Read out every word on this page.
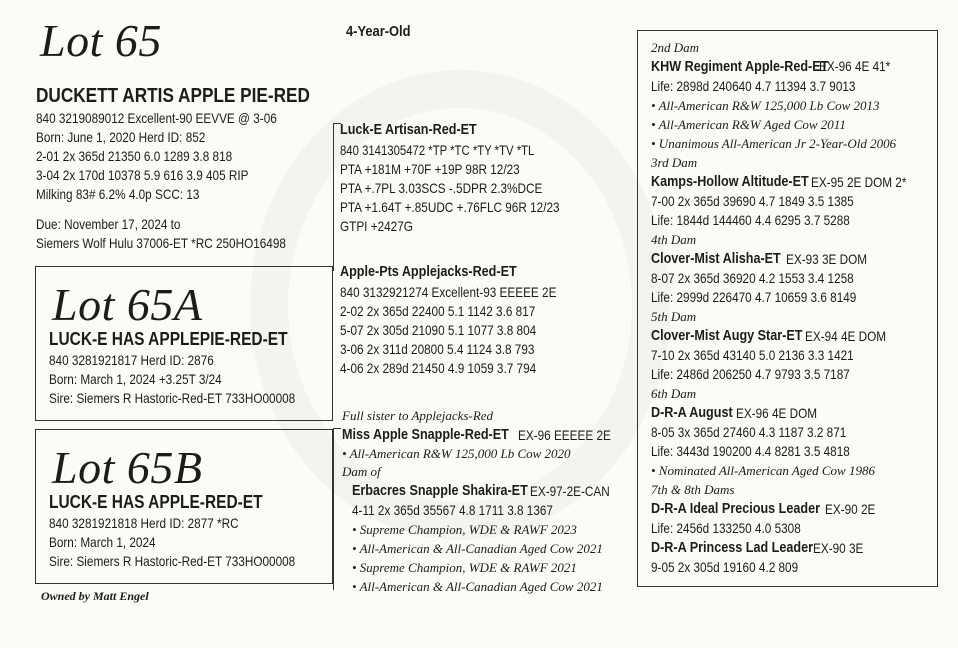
Lot 65
DUCKETT ARTIS APPLE PIE-RED
840 3219089012 Excellent-90 EEVVE @ 3-06
Born: June 1, 2020 Herd ID: 852
2-01 2x 365d 21350 6.0 1289 3.8 818
3-04 2x 170d 10378 5.9 616 3.9 405 RIP
Milking 83# 6.2% 4.0p SCC: 13
Due: November 17, 2024 to
Siemers Wolf Hulu 37006-ET *RC 250HO16498
4-Year-Old
Lot 65A
LUCK-E HAS APPLEPIE-RED-ET
840 3281921817 Herd ID: 2876
Born: March 1, 2024 +3.25T 3/24
Sire: Siemers R Hastoric-Red-ET 733HO00008
Lot 65B
LUCK-E HAS APPLE-RED-ET
840 3281921818 Herd ID: 2877 *RC
Born: March 1, 2024
Sire: Siemers R Hastoric-Red-ET 733HO00008
Owned by Matt Engel
Luck-E Artisan-Red-ET
840 3141305472 *TP *TC *TY *TV *TL
PTA +181M +70F +19P 98R 12/23
PTA +.7PL 3.03SCS -.5DPR 2.3%DCE
PTA +1.64T +.85UDC +.76FLC 96R 12/23
GTPI +2427G
Apple-Pts Applejacks-Red-ET
840 3132921274 Excellent-93 EEEEE 2E
2-02 2x 365d 22400 5.1 1142 3.6 817
5-07 2x 305d 21090 5.1 1077 3.8 804
3-06 2x 311d 20800 5.4 1124 3.8 793
4-06 2x 289d 21450 4.9 1059 3.7 794
Full sister to Applejacks-Red
Miss Apple Snapple-Red-ET EX-96 EEEEE 2E
• All-American R&W 125,000 Lb Cow 2020
Dam of
Erbacres Snapple Shakira-ET EX-97-2E-CAN
4-11 2x 365d 35567 4.8 1711 3.8 1367
• Supreme Champion, WDE & RAWF 2023
• All-American & All-Canadian Aged Cow 2021
• Supreme Champion, WDE & RAWF 2021
• All-American & All-Canadian Aged Cow 2021
2nd Dam
KHW Regiment Apple-Red-ET
EX-96 4E 41*
Life: 2898d 240640 4.7 11394 3.7 9013
• All-American R&W 125,000 Lb Cow 2013
• All-American R&W Aged Cow 2011
• Unanimous All-American Jr 2-Year-Old 2006
3rd Dam
Kamps-Hollow Altitude-ET EX-95 2E DOM 2*
7-00 2x 365d 39690 4.7 1849 3.5 1385
Life: 1844d 144460 4.4 6295 3.7 5288
4th Dam
Clover-Mist Alisha-ET EX-93 3E DOM
8-07 2x 365d 36920 4.2 1553 3.4 1258
Life: 2999d 226470 4.7 10659 3.6 8149
5th Dam
Clover-Mist Augy Star-ET EX-94 4E DOM
7-10 2x 365d 43140 5.0 2136 3.3 1421
Life: 2486d 206250 4.7 9793 3.5 7187
6th Dam
D-R-A August EX-96 4E DOM
8-05 3x 365d 27460 4.3 1187 3.2 871
Life: 3443d 190200 4.4 8281 3.5 4818
• Nominated All-American Aged Cow 1986
7th & 8th Dams
D-R-A Ideal Precious Leader EX-90 2E
Life: 2456d 133250 4.0 5308
D-R-A Princess Lad Leader EX-90 3E
9-05 2x 305d 19160 4.2 809
